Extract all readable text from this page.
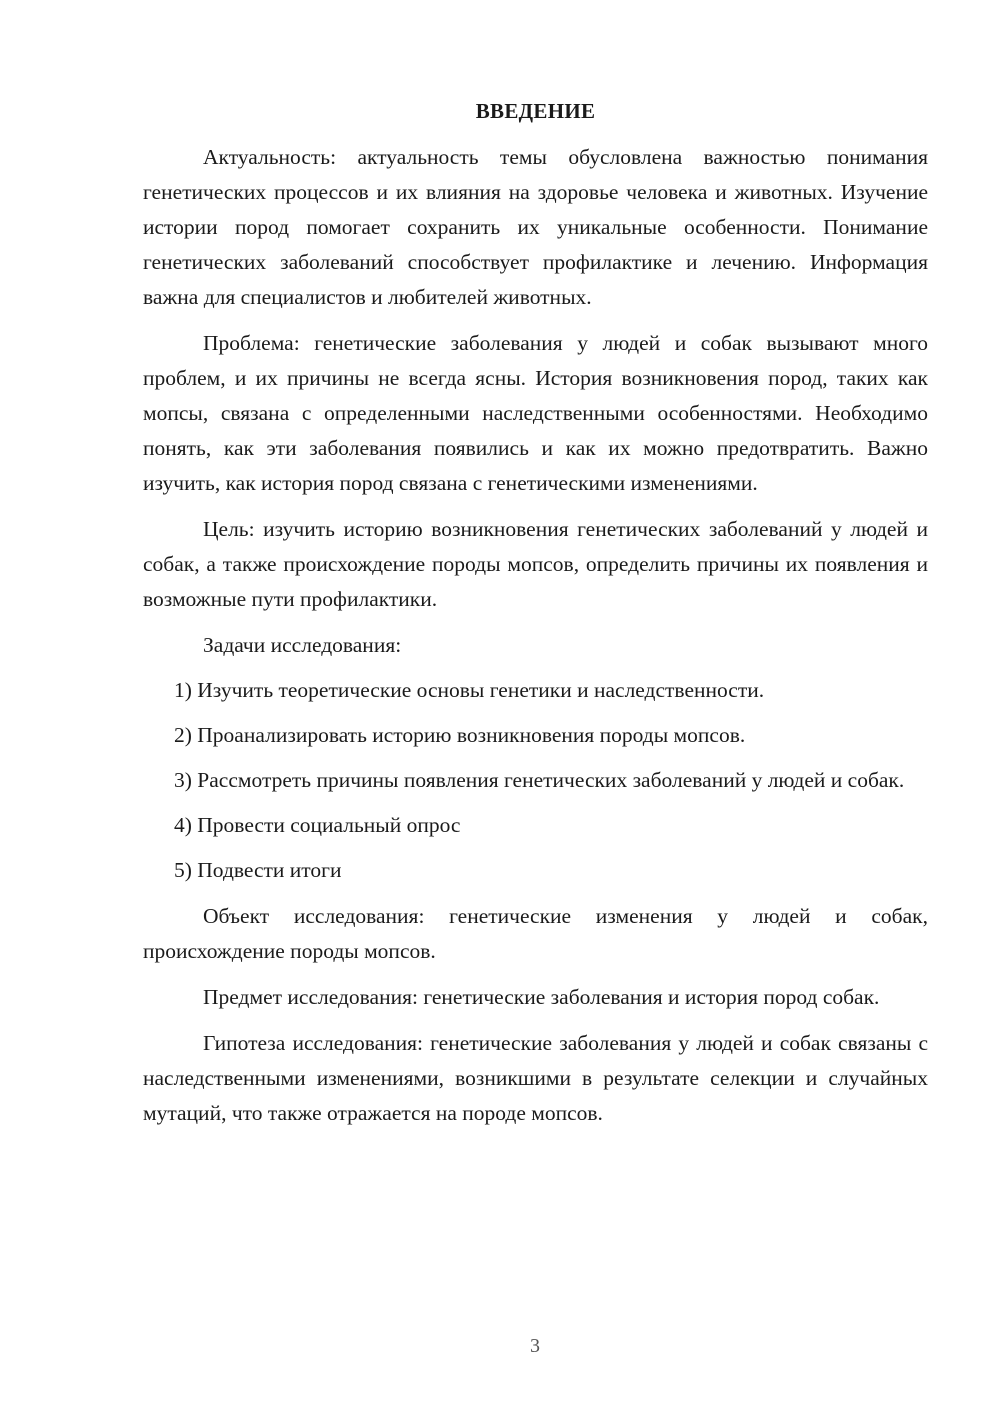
ВВЕДЕНИЕ

Актуальность: актуальность темы обусловлена важностью понимания генетических процессов и их влияния на здоровье человека и животных. Изучение истории пород помогает сохранить их уникальные особенности. Понимание генетических заболеваний способствует профилактике и лечению. Информация важна для специалистов и любителей животных.

Проблема: генетические заболевания у людей и собак вызывают много проблем, и их причины не всегда ясны. История возникновения пород, таких как мопсы, связана с определенными наследственными особенностями. Необходимо понять, как эти заболевания появились и как их можно предотвратить. Важно изучить, как история пород связана с генетическими изменениями.

Цель: изучить историю возникновения генетических заболеваний у людей и собак, а также происхождение породы мопсов, определить причины их появления и возможные пути профилактики.

Задачи исследования:

1) Изучить теоретические основы генетики и наследственности.

2) Проанализировать историю возникновения породы мопсов.

3) Рассмотреть причины появления генетических заболеваний у людей и собак.

4) Провести социальный опрос

5) Подвести итоги

Объект исследования: генетические изменения у людей и собак, происхождение породы мопсов.

Предмет исследования: генетические заболевания и история пород собак.

Гипотеза исследования: генетические заболевания у людей и собак связаны с наследственными изменениями, возникшими в результате селекции и случайных мутаций, что также отражается на породе мопсов.

3
